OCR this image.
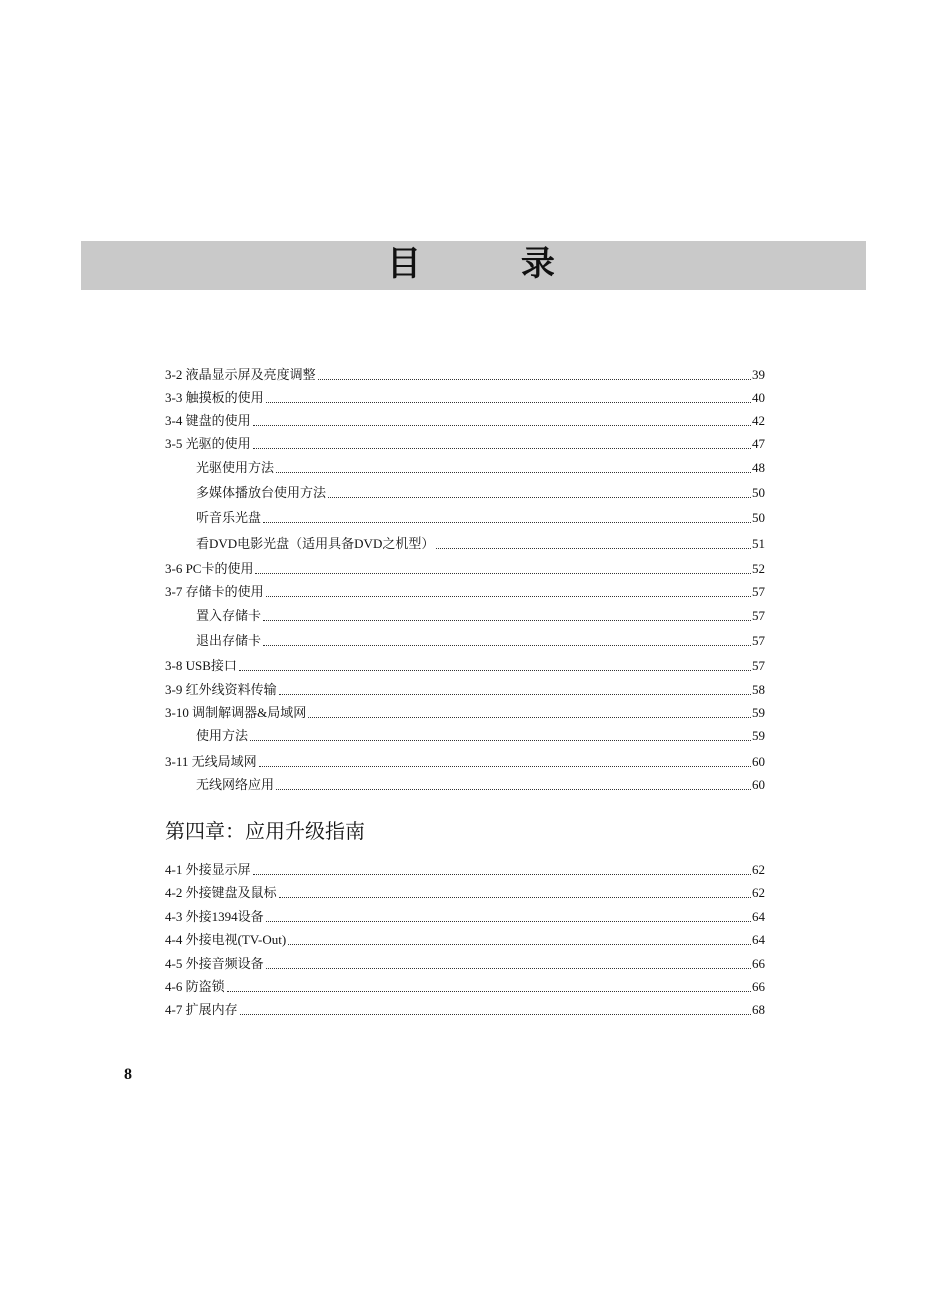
目 录
3-2 液晶显示屏及亮度调整	39
3-3 触摸板的使用	40
3-4 键盘的使用	42
3-5 光驱的使用	47
光驱使用方法	48
多媒体播放台使用方法	50
听音乐光盘	50
看DVD电影光盘（适用具备DVD之机型）	51
3-6 PC卡的使用	52
3-7 存储卡的使用	57
置入存储卡	57
退出存储卡	57
3-8 USB接口	57
3-9 红外线资料传输	58
3-10 调制解调器&局域网	59
使用方法	59
3-11 无线局域网	60
无线网络应用	60
第四章：应用升级指南
4-1 外接显示屏	62
4-2 外接键盘及鼠标	62
4-3 外接1394设备	64
4-4 外接电视(TV-Out)	64
4-5 外接音频设备	66
4-6 防盗锁	66
4-7 扩展内存	68
8
